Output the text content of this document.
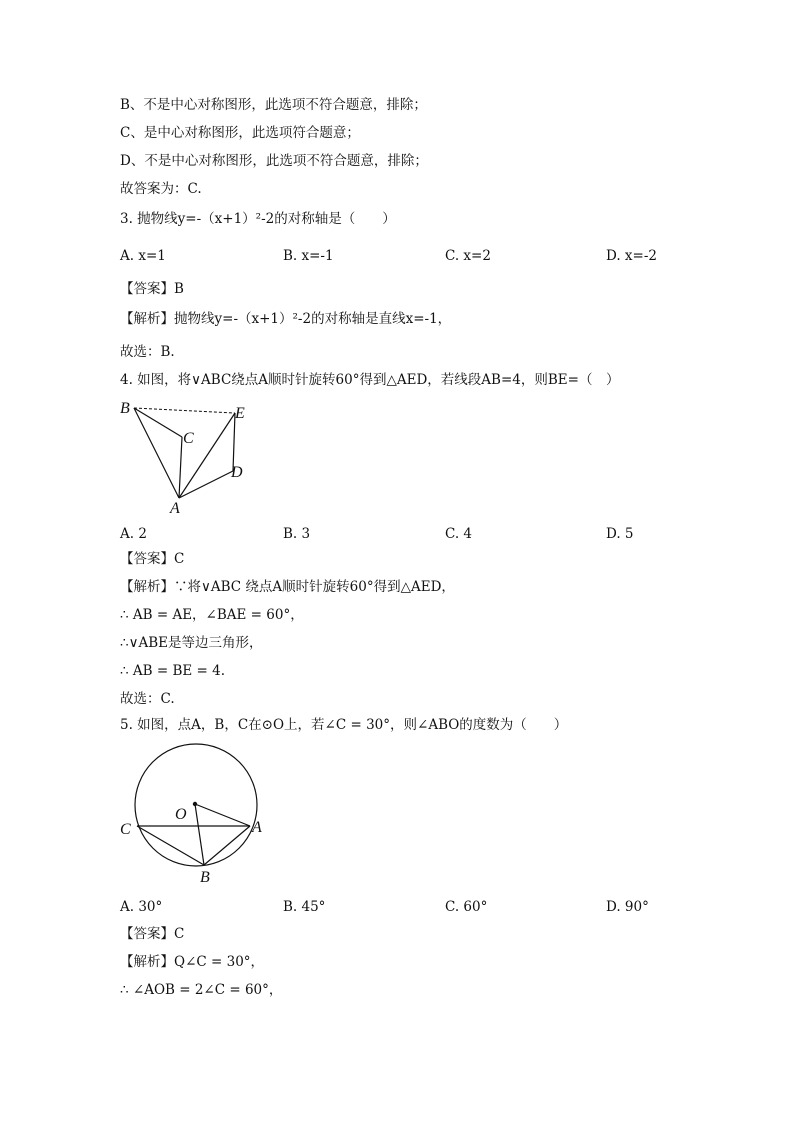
B、不是中心对称图形，此选项不符合题意，排除；
C、是中心对称图形，此选项符合题意；
D、不是中心对称图形，此选项不符合题意，排除；
故答案为：C.
3. 抛物线y=-（x+1）²-2的对称轴是（　　）
A. x=1	B. x=-1	C. x=2	D. x=-2
【答案】B
【解析】抛物线y=-（x+1）²-2的对称轴是直线x=-1，
故选：B.
4. 如图，将∨ABC绕点A顺时针旋转60°得到△AED，若线段AB=4，则BE=（　）
B
C
E
D
A
A. 2	B. 3	C. 4	D. 5
【答案】C
【解析】∵将∨ABC 绕点A顺时针旋转60°得到△AED，
∴ AB = AE，∠BAE = 60°，
∴∨ABE是等边三角形，
∴ AB = BE = 4.
故选：C.
5. 如图，点A，B，C在⊙O上，若∠C = 30°，则∠ABO的度数为（　　）
O
C	A
B
A. 30°	B. 45°	C. 60°	D. 90°
【答案】C
【解析】Q∠C = 30°，
∴ ∠AOB = 2∠C = 60°，
